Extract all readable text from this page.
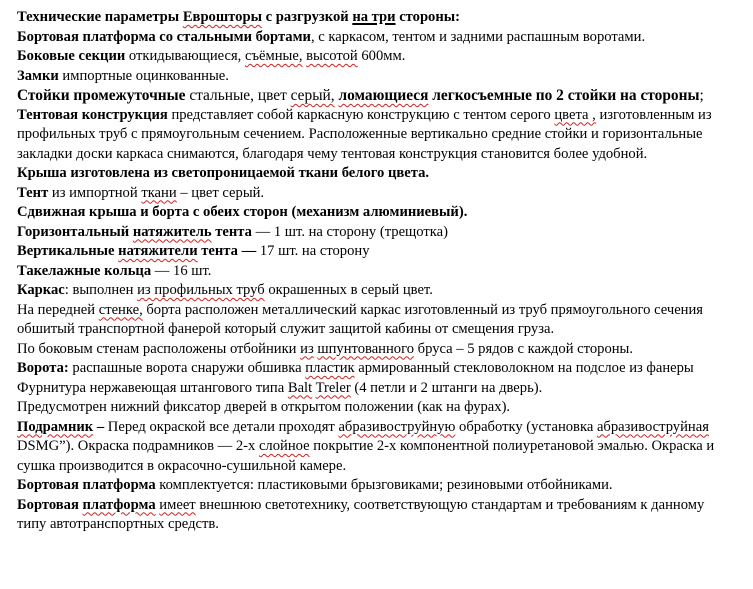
Технические параметры Еврошторы с разгрузкой на три стороны:

Бортовая платформа со стальными бортами, с каркасом, тентом и задними распашным воротами.

Боковые секции откидывающиеся, съёмные, высотой 600мм.

Замки импортные оцинкованные.

Стойки промежуточные стальные, цвет серый, ломающиеся легкосъемные по 2 стойки на стороны;

Тентовая конструкция представляет собой каркасную конструкцию с тентом серого цвета , изготовленным из профильных труб с прямоугольным сечением. Расположенные вертикально средние стойки и горизонтальные закладки доски каркаса снимаются, благодаря чему тентовая конструкция становится более удобной.

Крыша изготовлена из светопроницаемой ткани белого цвета.

Тент из импортной ткани – цвет серый.

Сдвижная крыша и борта с обеих сторон (механизм алюминиевый).

Горизонтальный натяжитель тента — 1 шт. на сторону (трещотка)

Вертикальные натяжители тента — 17 шт. на сторону

Такелажные кольца — 16 шт.

Каркас: выполнен из профильных труб окрашенных в серый цвет.

На передней стенке, борта расположен металлический каркас изготовленный из труб прямоугольного сечения обшитый транспортной фанерой который служит защитой кабины от смещения груза.

По боковым стенам расположены отбойники из шпунтованного бруса – 5 рядов с каждой стороны.

Ворота: распашные ворота снаружи обшивка пластик армированный стекловолокном на подслое из фанеры

Фурнитура нержавеющая штангового типа Balt Treler (4 петли и 2 штанги на дверь).

Предусмотрен нижний фиксатор дверей в открытом положении (как на фурах).

Подрамник – Перед окраской все детали проходят абразивоструйную обработку (установка абразивоструйная DSMG”). Окраска подрамников — 2-х слойное покрытие 2-х компонентной полиуретановой эмалью. Окраска и сушка производится в окрасочно-сушильной камере.

Бортовая платформа комплектуется: пластиковыми брызговиками; резиновыми отбойниками.

Бортовая платформа имеет внешнюю светотехнику, соответствующую стандартам и требованиям к данному типу автотранспортных средств.
